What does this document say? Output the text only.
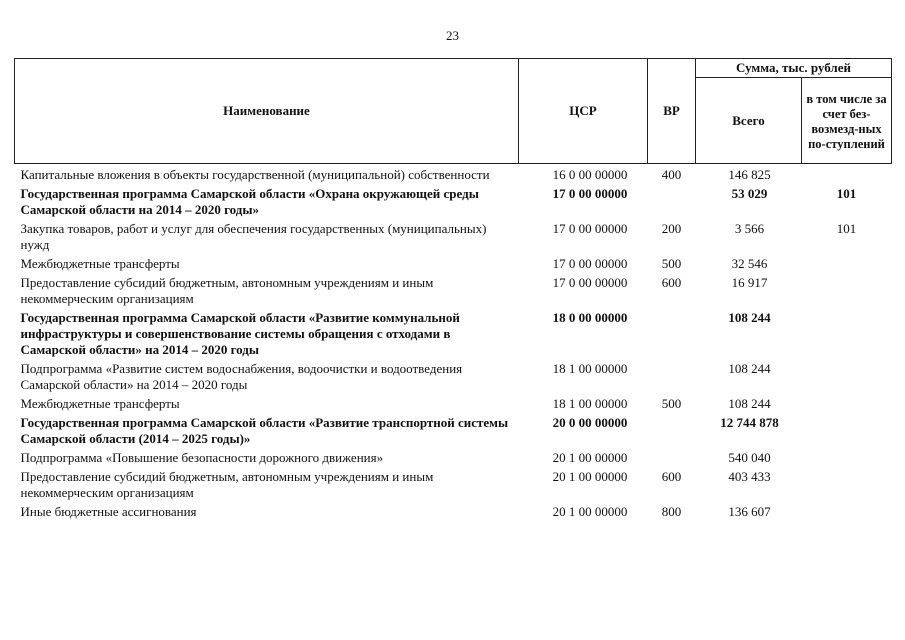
23
Наименование	ЦСР	ВР	Сумма, тыс. рублей	
			Всего	в том числе за счет без-возмезд-ных по-ступлений
Капитальные вложения в объекты государственной (муниципальной) собственности	16 0 00 00000	400	146 825	
Государственная программа Самарской области «Охрана окружающей среды Самарской области на 2014 – 2020 годы»	17 0 00 00000		53 029	101
Закупка товаров, работ и услуг для обеспечения государственных (муниципальных) нужд	17 0 00 00000	200	3 566	101
Межбюджетные трансферты	17 0 00 00000	500	32 546	
Предоставление субсидий бюджетным, автономным учреждениям и иным некоммерческим организациям	17 0 00 00000	600	16 917	
Государственная программа Самарской области «Развитие коммунальной инфраструктуры и совершенствование системы обращения с отходами в Самарской области» на 2014 – 2020 годы	18 0 00 00000		108 244	
Подпрограмма «Развитие систем водоснабжения, водоочистки и водоотведения Самарской области» на 2014 – 2020 годы	18 1 00 00000		108 244	
Межбюджетные трансферты	18 1 00 00000	500	108 244	
Государственная программа Самарской области «Развитие транспортной системы Самарской области (2014 – 2025 годы)»	20 0 00 00000		12 744 878	
Подпрограмма «Повышение безопасности дорожного движения»	20 1 00 00000		540 040	
Предоставление субсидий бюджетным, автономным учреждениям и иным некоммерческим организациям	20 1 00 00000	600	403 433	
Иные бюджетные ассигнования	20 1 00 00000	800	136 607	
